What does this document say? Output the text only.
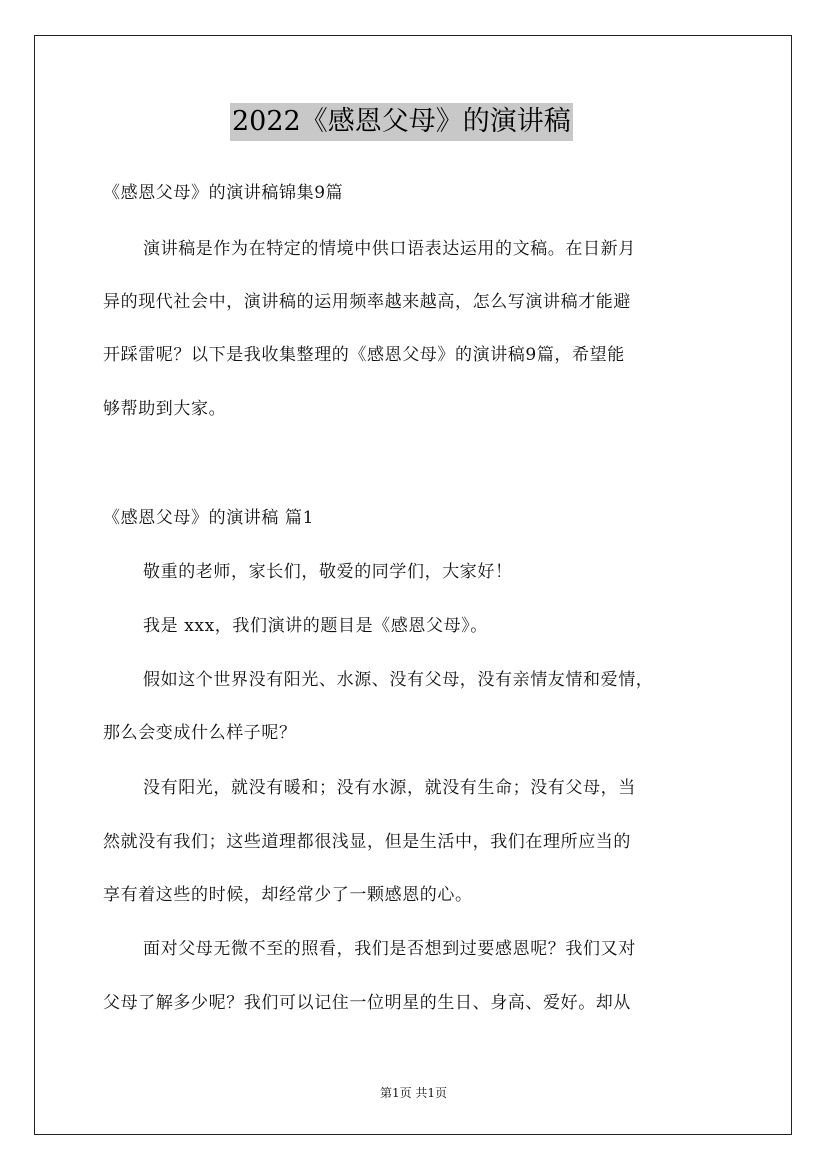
2022《感恩父母》的演讲稿
《感恩父母》的演讲稿锦集9篇
演讲稿是作为在特定的情境中供口语表达运用的文稿。在日新月
异的现代社会中，演讲稿的运用频率越来越高，怎么写演讲稿才能避
开踩雷呢？以下是我收集整理的《感恩父母》的演讲稿9篇，希望能
够帮助到大家。
《感恩父母》的演讲稿 篇1
敬重的老师，家长们，敬爱的同学们，大家好！
我是 xxx，我们演讲的题目是《感恩父母》。
假如这个世界没有阳光、水源、没有父母，没有亲情友情和爱情，
那么会变成什么样子呢？
没有阳光，就没有暖和；没有水源，就没有生命；没有父母，当
然就没有我们；这些道理都很浅显，但是生活中，我们在理所应当的
享有着这些的时候，却经常少了一颗感恩的心。
面对父母无微不至的照看，我们是否想到过要感恩呢？我们又对
父母了解多少呢？我们可以记住一位明星的生日、身高、爱好。却从
第1页 共1页
